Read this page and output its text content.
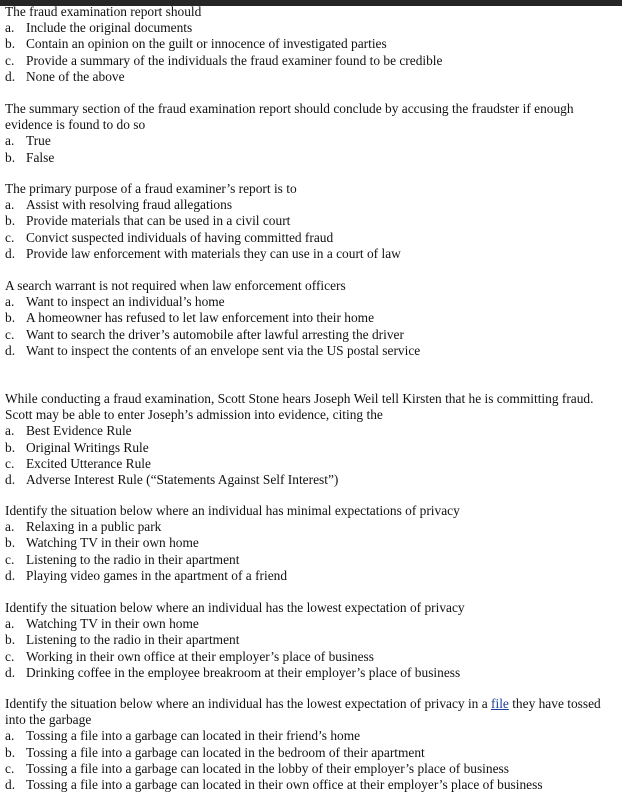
The fraud examination report should
a. Include the original documents
b. Contain an opinion on the guilt or innocence of investigated parties
c. Provide a summary of the individuals the fraud examiner found to be credible
d. None of the above
The summary section of the fraud examination report should conclude by accusing the fraudster if enough evidence is found to do so
a. True
b. False
The primary purpose of a fraud examiner’s report is to
a. Assist with resolving fraud allegations
b. Provide materials that can be used in a civil court
c. Convict suspected individuals of having committed fraud
d. Provide law enforcement with materials they can use in a court of law
A search warrant is not required when law enforcement officers
a. Want to inspect an individual’s home
b. A homeowner has refused to let law enforcement into their home
c. Want to search the driver’s automobile after lawful arresting the driver
d. Want to inspect the contents of an envelope sent via the US postal service
While conducting a fraud examination, Scott Stone hears Joseph Weil tell Kirsten that he is committing fraud. Scott may be able to enter Joseph’s admission into evidence, citing the
a. Best Evidence Rule
b. Original Writings Rule
c. Excited Utterance Rule
d. Adverse Interest Rule (“Statements Against Self Interest”)
Identify the situation below where an individual has minimal expectations of privacy
a. Relaxing in a public park
b. Watching TV in their own home
c. Listening to the radio in their apartment
d. Playing video games in the apartment of a friend
Identify the situation below where an individual has the lowest expectation of privacy
a. Watching TV in their own home
b. Listening to the radio in their apartment
c. Working in their own office at their employer’s place of business
d. Drinking coffee in the employee breakroom at their employer’s place of business
Identify the situation below where an individual has the lowest expectation of privacy in a file they have tossed into the garbage
a. Tossing a file into a garbage can located in their friend’s home
b. Tossing a file into a garbage can located in the bedroom of their apartment
c. Tossing a file into a garbage can located in the lobby of their employer’s place of business
d. Tossing a file into a garbage can located in their own office at their employer’s place of business
